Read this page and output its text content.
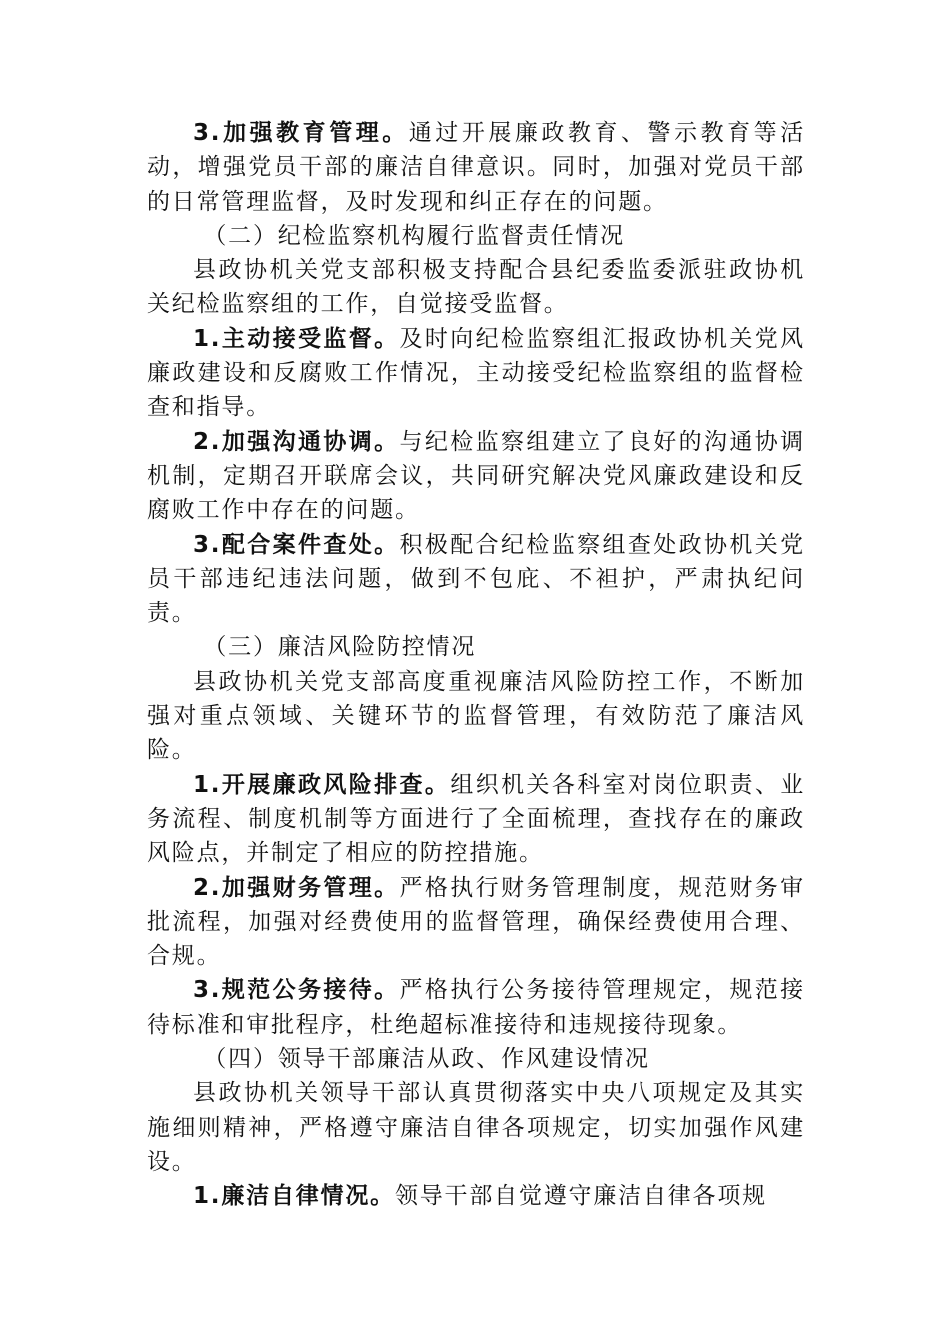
3.加强教育管理。通过开展廉政教育、警示教育等活动，增强党员干部的廉洁自律意识。同时，加强对党员干部的日常管理监督，及时发现和纠正存在的问题。

（二）纪检监察机构履行监督责任情况

县政协机关党支部积极支持配合县纪委监委派驻政协机关纪检监察组的工作，自觉接受监督。

1.主动接受监督。及时向纪检监察组汇报政协机关党风廉政建设和反腐败工作情况，主动接受纪检监察组的监督检查和指导。

2.加强沟通协调。与纪检监察组建立了良好的沟通协调机制，定期召开联席会议，共同研究解决党风廉政建设和反腐败工作中存在的问题。

3.配合案件查处。积极配合纪检监察组查处政协机关党员干部违纪违法问题，做到不包庇、不袒护，严肃执纪问责。

（三）廉洁风险防控情况

县政协机关党支部高度重视廉洁风险防控工作，不断加强对重点领域、关键环节的监督管理，有效防范了廉洁风险。

1.开展廉政风险排查。组织机关各科室对岗位职责、业务流程、制度机制等方面进行了全面梳理，查找存在的廉政风险点，并制定了相应的防控措施。

2.加强财务管理。严格执行财务管理制度，规范财务审批流程，加强对经费使用的监督管理，确保经费使用合理、合规。

3.规范公务接待。严格执行公务接待管理规定，规范接待标准和审批程序，杜绝超标准接待和违规接待现象。

（四）领导干部廉洁从政、作风建设情况

县政协机关领导干部认真贯彻落实中央八项规定及其实施细则精神，严格遵守廉洁自律各项规定，切实加强作风建设。

1.廉洁自律情况。领导干部自觉遵守廉洁自律各项规
